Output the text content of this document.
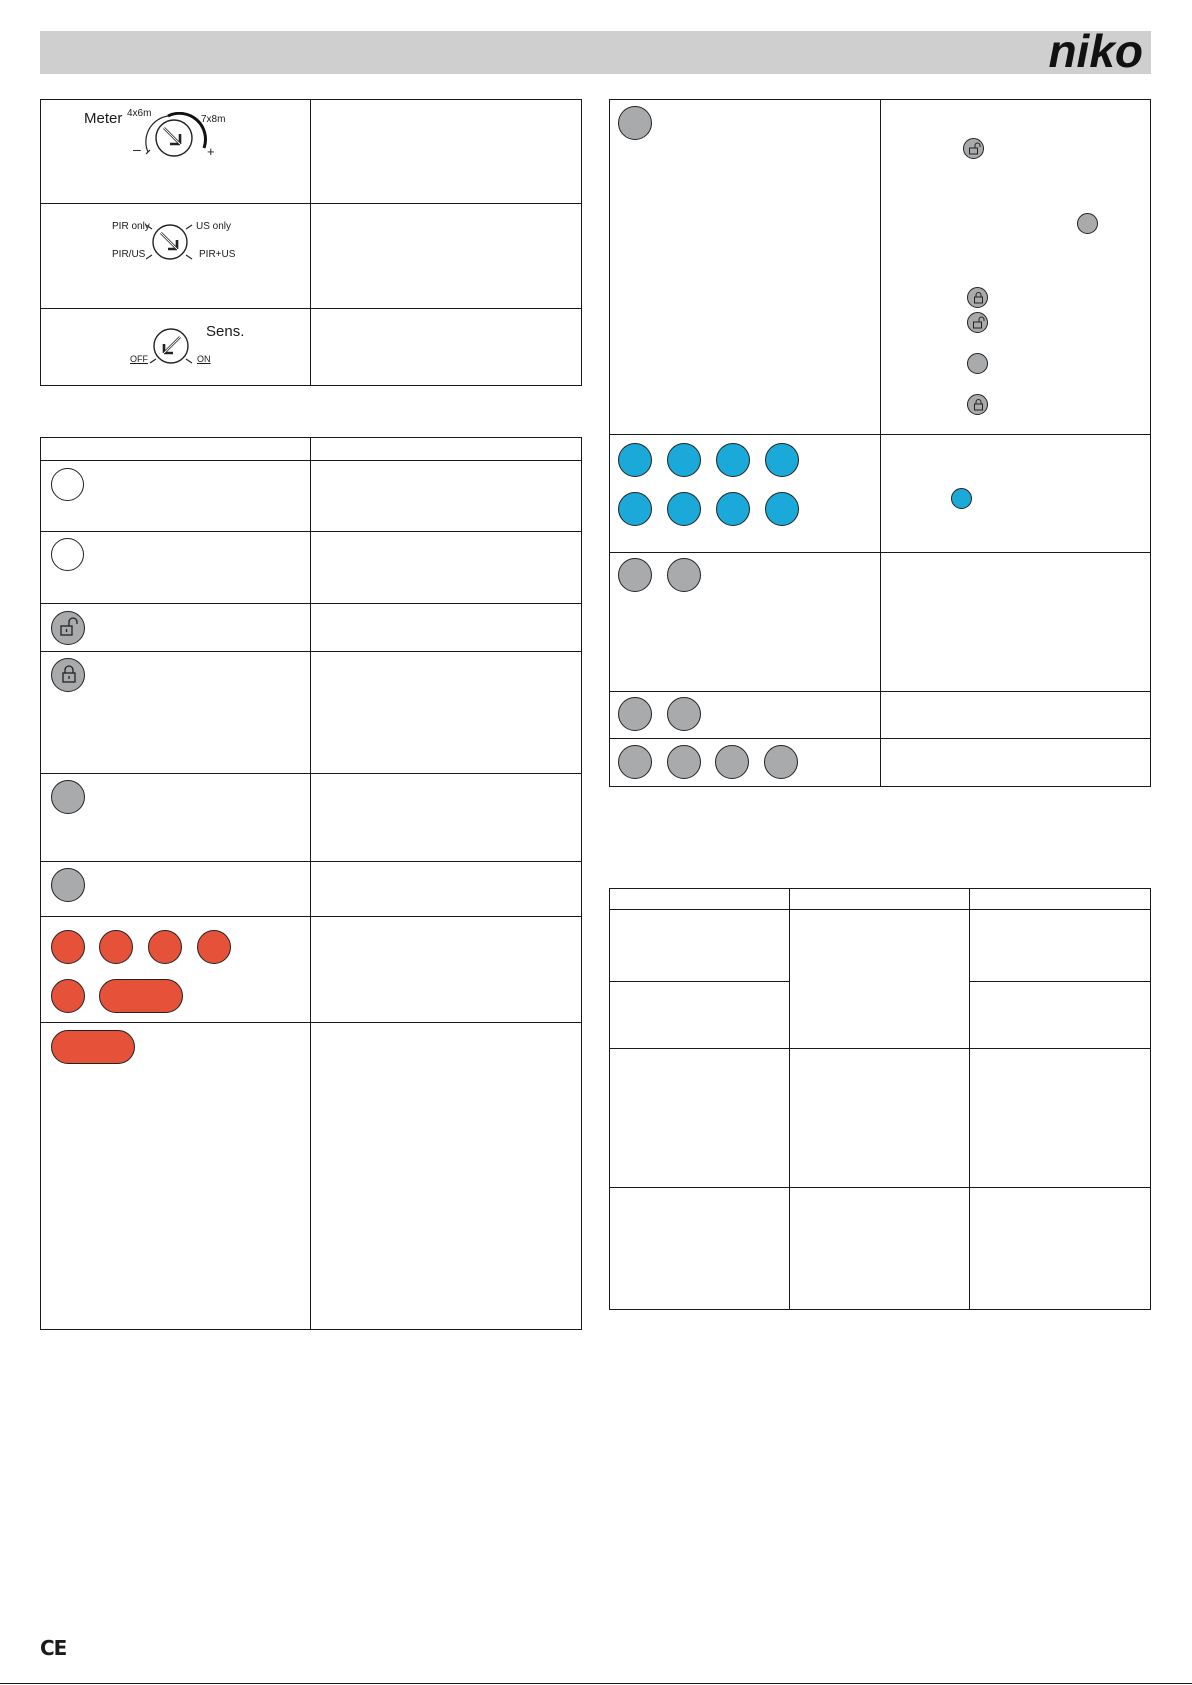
niko
Meter 4x6m
7x8m
–	+
PIR only	US only
PIR/US	PIR+US
Sens.
OFF	ON
CE
